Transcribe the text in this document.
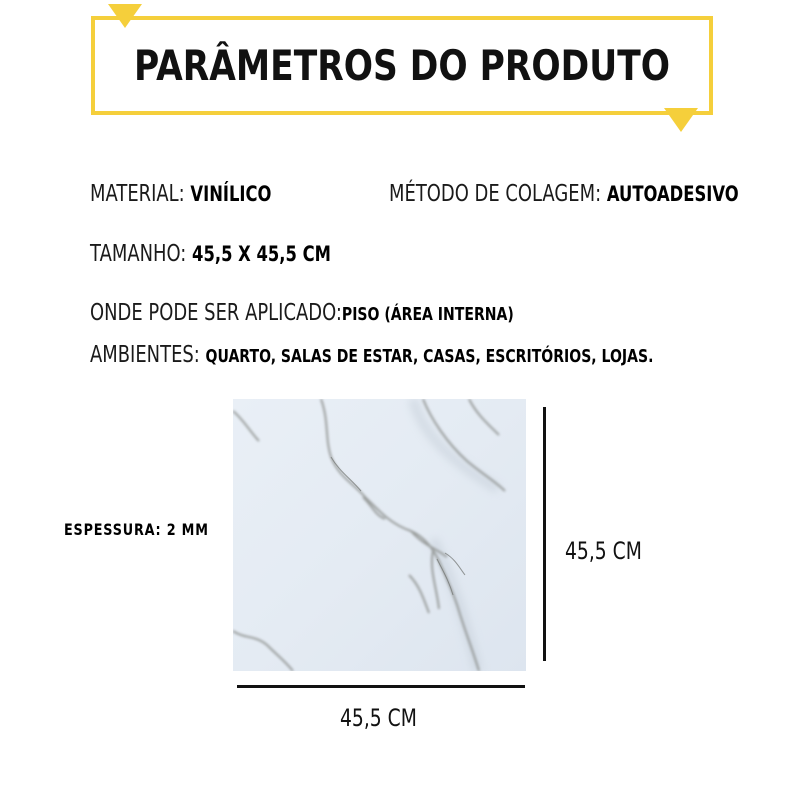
PARÂMETROS DO PRODUTO
MATERIAL: VINÍLICO	MÉTODO DE COLAGEM: AUTOADESIVO
TAMANHO: 45,5 X 45,5 CM
ONDE PODE SER APLICADO:PISO (ÁREA INTERNA)
AMBIENTES: QUARTO, SALAS DE ESTAR, CASAS, ESCRITÓRIOS, LOJAS.
45,5 CM
45,5 CM
ESPESSURA: 2 MM
